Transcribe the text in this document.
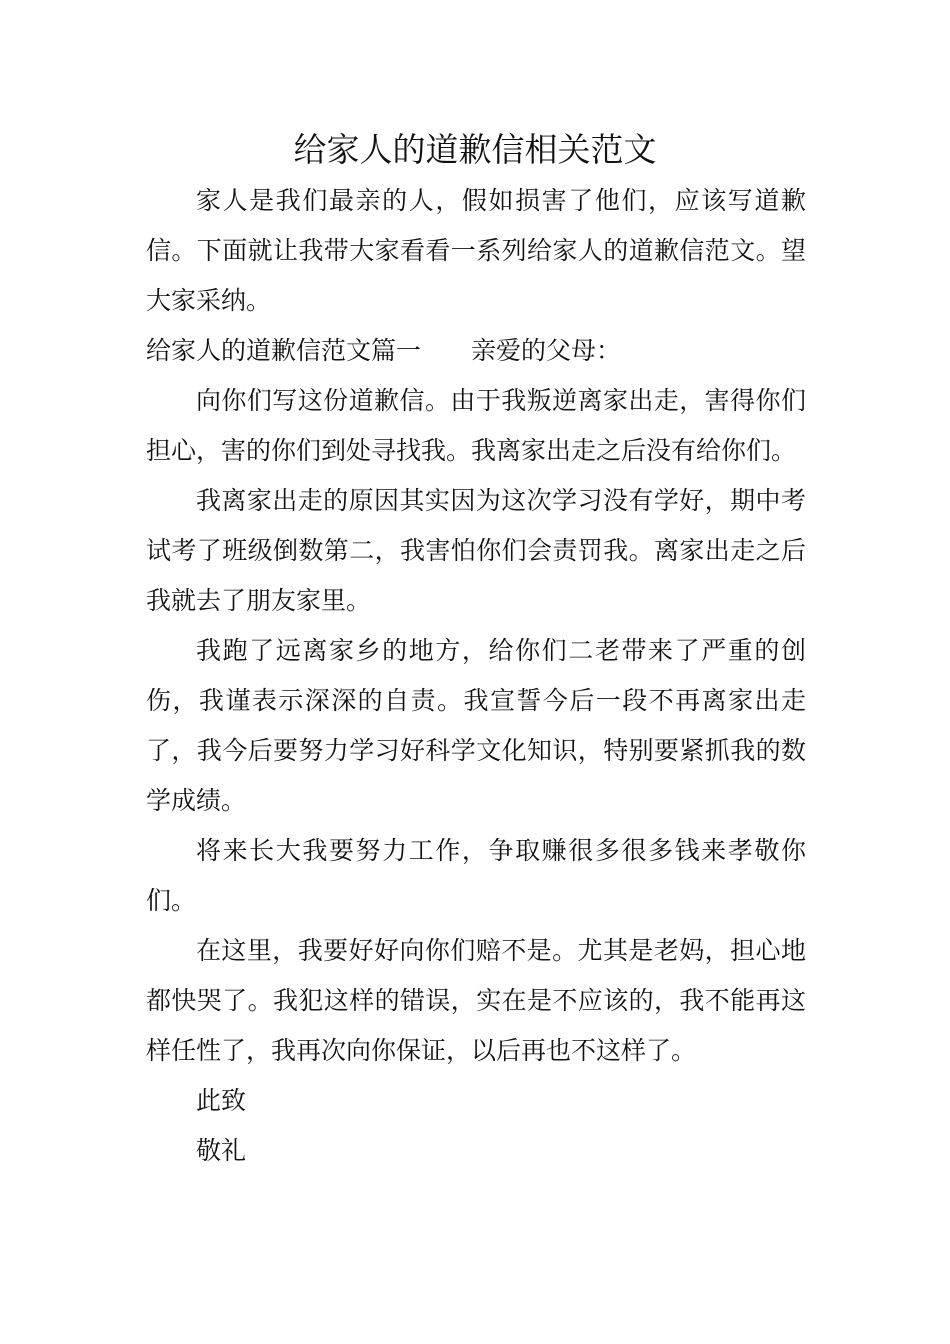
给家人的道歉信相关范文

家人是我们最亲的人，假如损害了他们，应该写道歉信。下面就让我带大家看看一系列给家人的道歉信范文。望大家采纳。

给家人的道歉信范文篇一 亲爱的父母：

向你们写这份道歉信。由于我叛逆离家出走，害得你们担心，害的你们到处寻找我。我离家出走之后没有给你们。

我离家出走的原因其实因为这次学习没有学好，期中考试考了班级倒数第二，我害怕你们会责罚我。离家出走之后我就去了朋友家里。

我跑了远离家乡的地方，给你们二老带来了严重的创伤，我谨表示深深的自责。我宣誓今后一段不再离家出走了，我今后要努力学习好科学文化知识，特别要紧抓我的数学成绩。

将来长大我要努力工作，争取赚很多很多钱来孝敬你们。

在这里，我要好好向你们赔不是。尤其是老妈，担心地都快哭了。我犯这样的错误，实在是不应该的，我不能再这样任性了，我再次向你保证，以后再也不这样了。

此致

敬礼
